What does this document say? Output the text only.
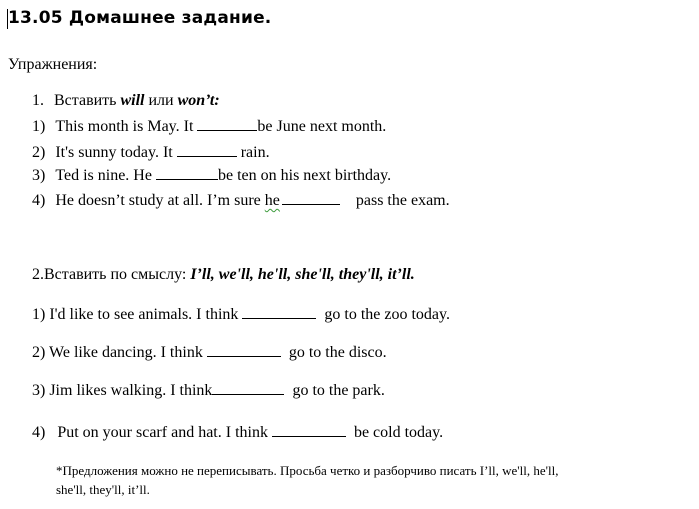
13.05 Домашнее задание.
Упражнения:
1. Вставить will или won’t:
1) This month is May. It	be June next month.
2) It's sunny today. It	rain.
3) Ted is nine. He	be ten on his next birthday.
4) He doesn’t study at all. I’m sure he	pass the exam.
2.Вставить по смыслу: I’ll, we'll, he'll, she'll, they'll, it’ll.
1) I'd like to see animals. I think	go to the zoo today.
2) We like dancing. I think	go to the disco.
3) Jim likes walking. I think	go to the park.
4) Put on your scarf and hat. I think	be cold today.
*Предложения можно не переписывать. Просьба четко и разборчиво писать I’ll, we'll, he'll,
she'll, they'll, it’ll.
